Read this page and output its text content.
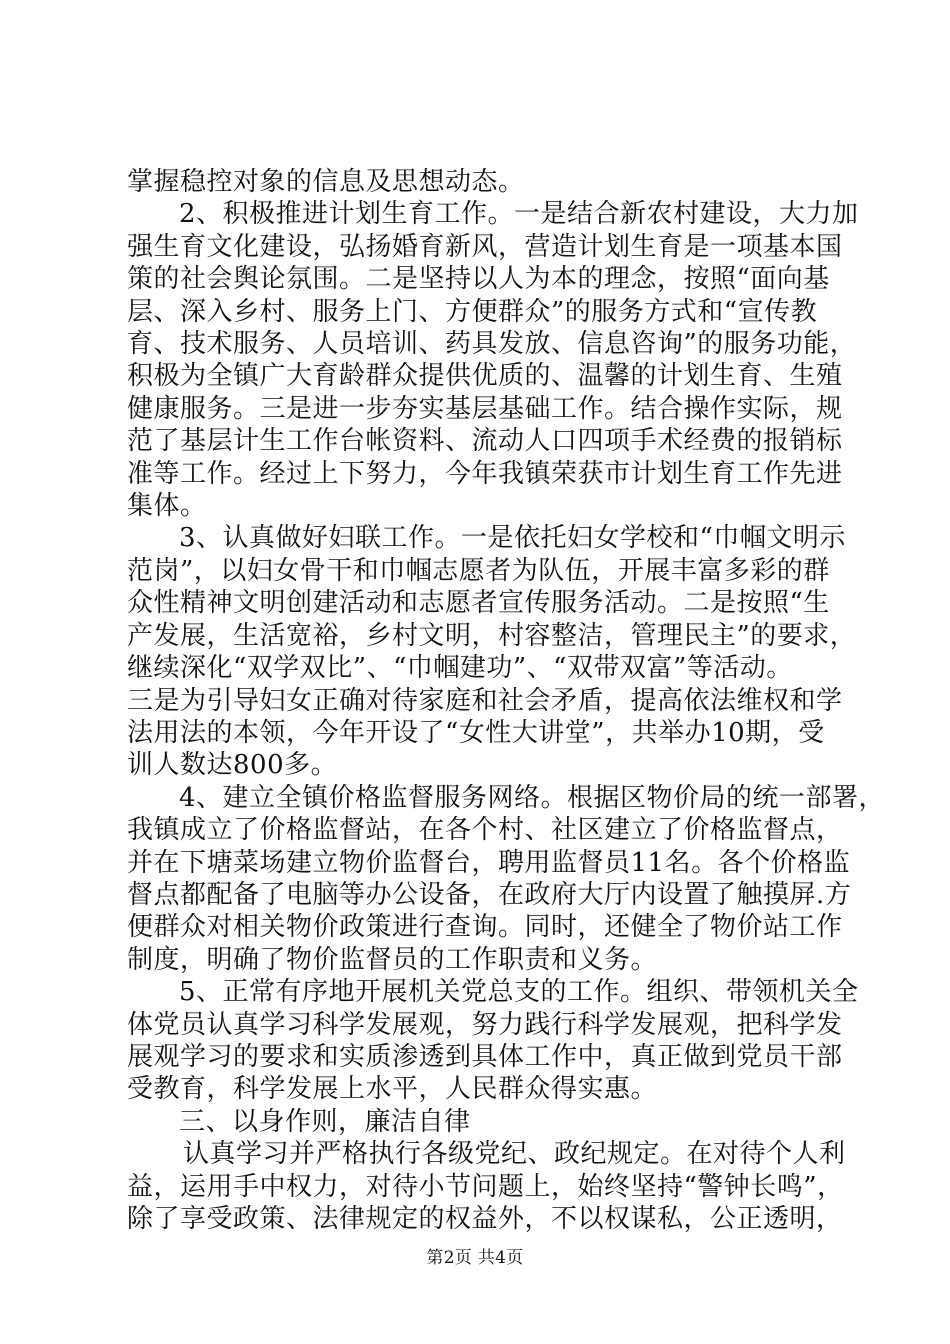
掌握稳控对象的信息及思想动态。
2、积极推进计划生育工作。一是结合新农村建设，大力加
强生育文化建设，弘扬婚育新风，营造计划生育是一项基本国
策的社会舆论氛围。二是坚持以人为本的理念，按照“面向基
层、深入乡村、服务上门、方便群众”的服务方式和“宣传教
育、技术服务、人员培训、药具发放、信息咨询”的服务功能，
积极为全镇广大育龄群众提供优质的、温馨的计划生育、生殖
健康服务。三是进一步夯实基层基础工作。结合操作实际，规
范了基层计生工作台帐资料、流动人口四项手术经费的报销标
准等工作。经过上下努力，今年我镇荣获市计划生育工作先进
集体。
3、认真做好妇联工作。一是依托妇女学校和“巾帼文明示
范岗”，以妇女骨干和巾帼志愿者为队伍，开展丰富多彩的群
众性精神文明创建活动和志愿者宣传服务活动。二是按照“生
产发展，生活宽裕，乡村文明，村容整洁，管理民主”的要求，
继续深化“双学双比”、“巾帼建功”、“双带双富”等活动。
三是为引导妇女正确对待家庭和社会矛盾，提高依法维权和学
法用法的本领，今年开设了“女性大讲堂”，共举办10期，受
训人数达800多。
4、建立全镇价格监督服务网络。根据区物价局的统一部署，
我镇成立了价格监督站，在各个村、社区建立了价格监督点，
并在下塘菜场建立物价监督台，聘用监督员11名。各个价格监
督点都配备了电脑等办公设备，在政府大厅内设置了触摸屏.方
便群众对相关物价政策进行查询。同时，还健全了物价站工作
制度，明确了物价监督员的工作职责和义务。
5、正常有序地开展机关党总支的工作。组织、带领机关全
体党员认真学习科学发展观，努力践行科学发展观，把科学发
展观学习的要求和实质渗透到具体工作中，真正做到党员干部
受教育，科学发展上水平，人民群众得实惠。
三、以身作则，廉洁自律
认真学习并严格执行各级党纪、政纪规定。在对待个人利
益，运用手中权力，对待小节问题上，始终坚持“警钟长鸣”，
除了享受政策、法律规定的权益外，不以权谋私，公正透明，
第2页 共4页
